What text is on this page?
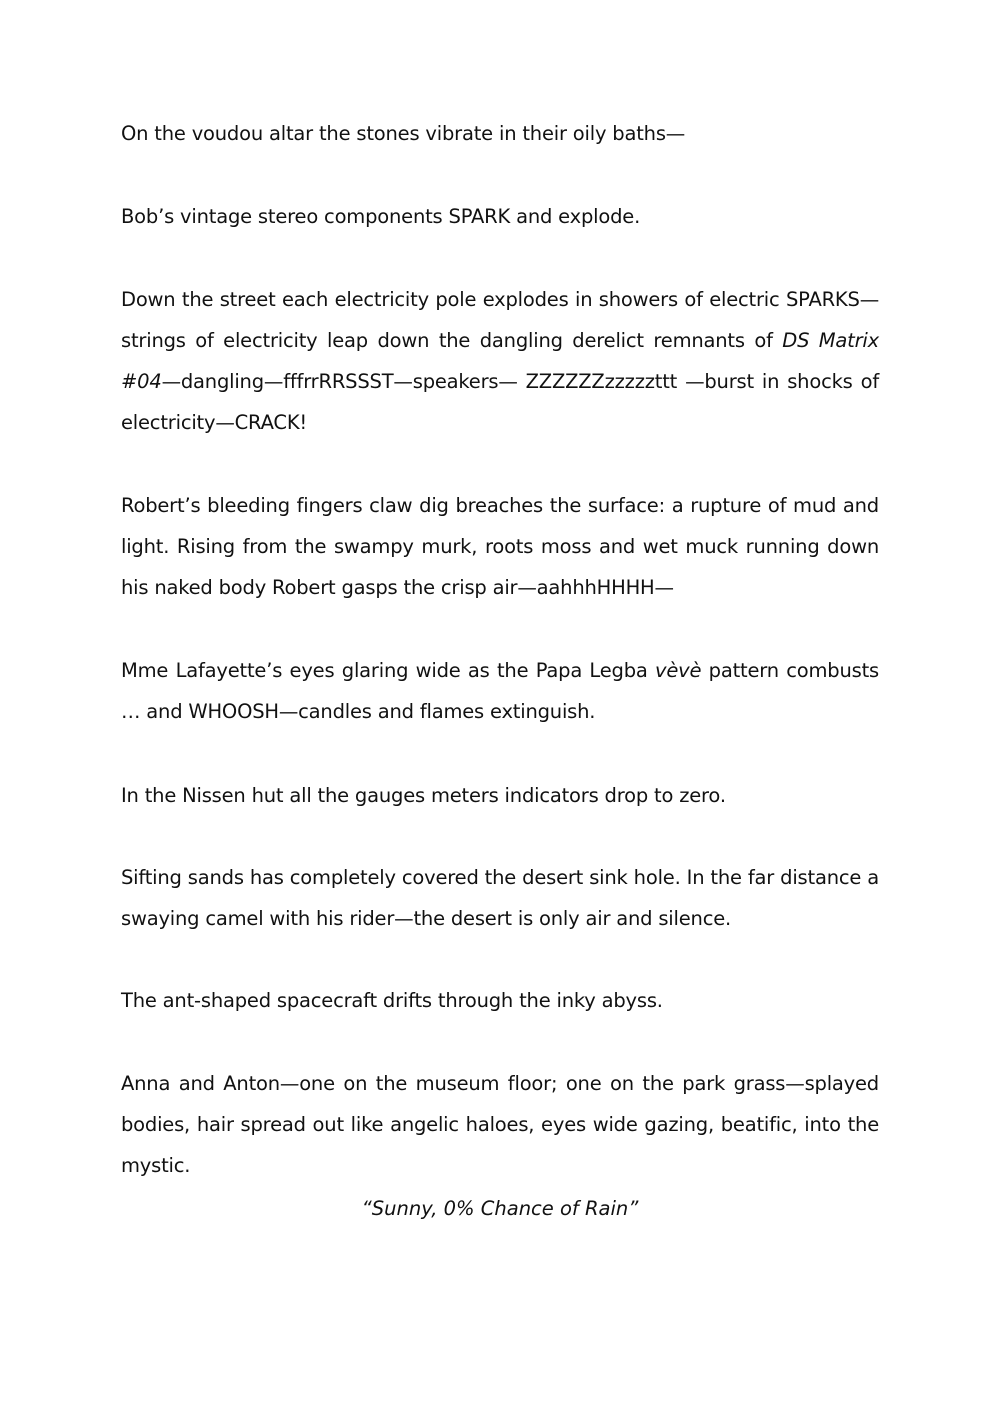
On the voudou altar the stones vibrate in their oily baths—

Bob’s vintage stereo components SPARK and explode.

Down the street each electricity pole explodes in showers of electric SPARKS—strings of electricity leap down the dangling derelict remnants of DS Matrix #04—dangling—fffrrRRSSST—speakers— ZZZZZZzzzzzttt —burst in shocks of electricity—CRACK!

Robert’s bleeding fingers claw dig breaches the surface: a rupture of mud and light. Rising from the swampy murk, roots moss and wet muck running down his naked body Robert gasps the crisp air—aahhhHHHH—

Mme Lafayette’s eyes glaring wide as the Papa Legba vèvè pattern combusts … and WHOOSH—candles and flames extinguish.

In the Nissen hut all the gauges meters indicators drop to zero.

Sifting sands has completely covered the desert sink hole. In the far distance a swaying camel with his rider—the desert is only air and silence.

The ant-shaped spacecraft drifts through the inky abyss.

Anna and Anton—one on the museum floor; one on the park grass—splayed bodies, hair spread out like angelic haloes, eyes wide gazing, beatific, into the mystic.

“Sunny, 0% Chance of Rain”
